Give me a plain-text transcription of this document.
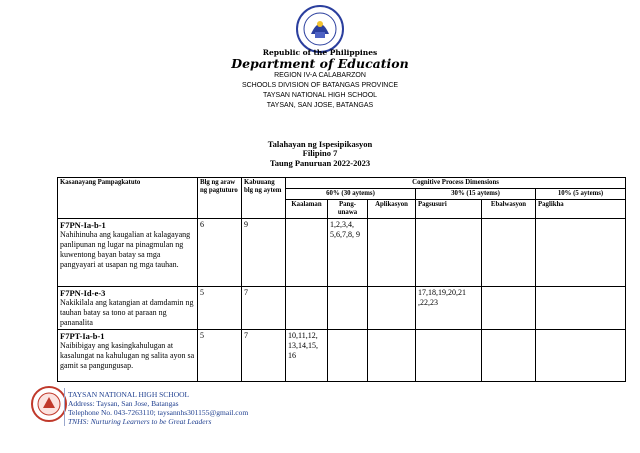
Republic of the Philippines
Department of Education
REGION IV-A CALABARZON
SCHOOLS DIVISION OF BATANGAS PROVINCE
TAYSAN NATIONAL HIGH SCHOOL
TAYSAN, SAN JOSE, BATANGAS
Talahayan ng Ispesipikasyon
Filipino 7
Taung Panuruan 2022-2023
Kasanayang Pampagkatuto	Blg ng araw ng pagtuturo	Kabuuang blg ng aytem	Cognitive Process Dimensions					
			60% (30 aytems)			30% (15 aytems)		10% (5 aytems)
			Kaalaman	Pang-unawa	Aplikasyon	Pagsusuri	Ebalwasyon	Paglikha

F7PN-Ia-b-1
Nahihinuha ang kaugalian at kalagayang panlipunan ng lugar na pinagmulan ng kuwentong bayan batay sa mga pangyayari at usapan ng mga tauhan.	6	9		1,2,3,4, 5,6,7,8, 9				

F7PN-Id-e-3
Nakikilala ang katangian at damdamin ng tauhan batay sa tono at paraan ng pananalita	5	7				17,18,19,20,21 ,22,23		

F7PT-Ia-b-1
Naibibigay ang kasingkahulugan at kasalungat na kahulugan ng salita ayon sa gamit sa pangungusap.	5	7	10,11,12, 13,14,15, 16					
TAYSAN NATIONAL HIGH SCHOOL
Address: Taysan, San Jose, Batangas
Telephone No. 043-7263110; taysannhs301155@gmail.com
TNHS: Nurturing Learners to be Great Leaders
